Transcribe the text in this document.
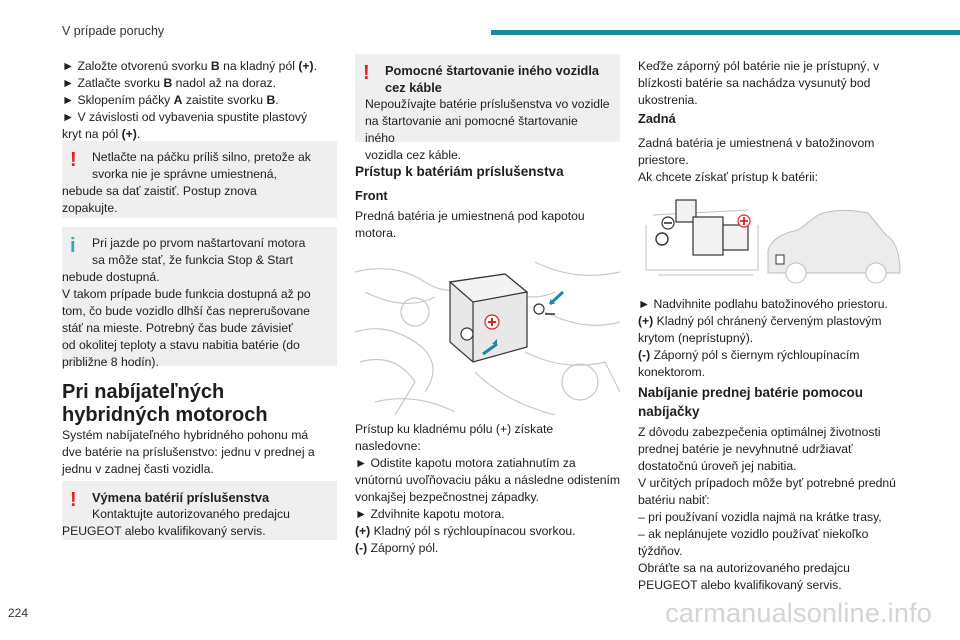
V prípade poruchy

► Založte otvorenú svorku B na kladný pól (+).
► Zatlačte svorku B nadol až na doraz.
► Sklopením páčky A zaistite svorku B.
► V závislosti od vybavenia spustite plastový
kryt na pól (+).

!	Netlačte na páčku príliš silno, pretože ak
svorka nie je správne umiestnená,
nebude sa dať zaistiť. Postup znova
zopakujte.
i	Pri jazde po prvom naštartovaní motora
sa môže stať, že funkcia Stop & Start
nebude dostupná.
V takom prípade bude funkcia dostupná až po
tom, čo bude vozidlo dlhší čas neprerušovane
stáť na mieste. Potrebný čas bude závisieť
od okolitej teploty a stavu nabitia batérie (do
približne 8 hodín).
Pri nabíjateľných
hybridných motoroch

Systém nabíjateľného hybridného pohonu má
dve batérie na príslušenstvo: jednu v prednej a
jednu v zadnej časti vozidla.

!	Výmena batérií príslušenstva
Kontaktujte autorizovaného predajcu
PEUGEOT alebo kvalifikovaný servis.
!	Pomocné štartovanie iného vozidla
cez káble
Nepoužívajte batérie príslušenstva vo vozidle
na štartovanie ani pomocné štartovanie iného
vozidla cez káble.
Prístup k batériám príslušenstva
Front

Predná batéria je umiestnená pod kapotou
motora.

Prístup ku kladnému pólu (+) získate
nasledovne:
► Odistite kapotu motora zatiahnutím za
vnútornú uvoľňovaciu páku a následne odistením
vonkajšej bezpečnostnej západky.
► Zdvihnite kapotu motora.
(+) Kladný pól s rýchloupínacou svorkou.
(-) Záporný pól.

Keďže záporný pól batérie nie je prístupný, v
blízkosti batérie sa nachádza vysunutý bod
ukostrenia.

Zadná

Zadná batéria je umiestnená v batožinovom
priestore.
Ak chcete získať prístup k batérii:

► Nadvihnite podlahu batožinového priestoru.
(+) Kladný pól chránený červeným plastovým
krytom (neprístupný).
(-) Záporný pól s čiernym rýchloupínacím
konektorom.

Nabíjanie prednej batérie pomocou
nabíjačky

Z dôvodu zabezpečenia optimálnej životnosti
prednej batérie je nevyhnutné udržiavať
dostatočnú úroveň jej nabitia.
V určitých prípadoch môže byť potrebné prednú
batériu nabiť:
– pri používaní vozidla najmä na krátke trasy,
– ak neplánujete vozidlo používať niekoľko
týždňov.
Obráťte sa na autorizovaného predajcu
PEUGEOT alebo kvalifikovaný servis.

224	carmanualsonline.info
